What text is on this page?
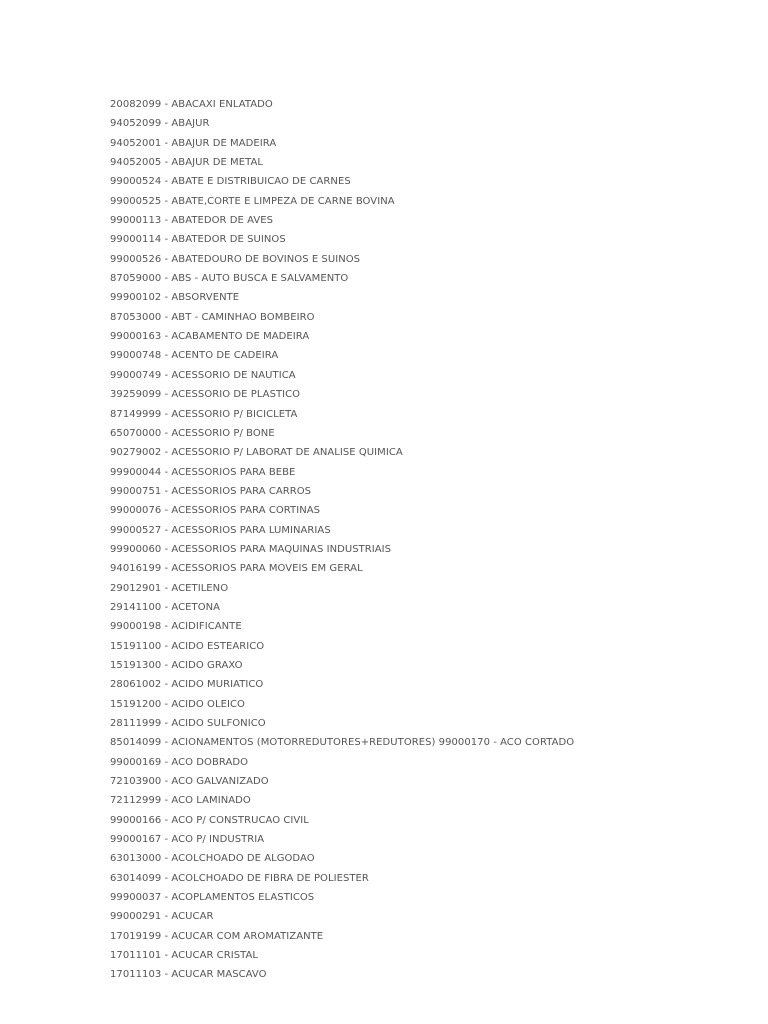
20082099 - ABACAXI ENLATADO
94052099 - ABAJUR
94052001 - ABAJUR DE MADEIRA
94052005 - ABAJUR DE METAL
99000524 - ABATE E DISTRIBUICAO DE CARNES
99000525 - ABATE,CORTE E LIMPEZA DE CARNE BOVINA
99000113 - ABATEDOR DE AVES
99000114 - ABATEDOR DE SUINOS
99000526 - ABATEDOURO DE BOVINOS E SUINOS
87059000 - ABS - AUTO BUSCA E SALVAMENTO
99900102 - ABSORVENTE
87053000 - ABT - CAMINHAO BOMBEIRO
99000163 - ACABAMENTO DE MADEIRA
99000748 - ACENTO DE CADEIRA
99000749 - ACESSORIO DE NAUTICA
39259099 - ACESSORIO DE PLASTICO
87149999 - ACESSORIO P/ BICICLETA
65070000 - ACESSORIO P/ BONE
90279002 - ACESSORIO P/ LABORAT DE ANALISE QUIMICA
99900044 - ACESSORIOS PARA BEBE
99000751 - ACESSORIOS PARA CARROS
99000076 - ACESSORIOS PARA CORTINAS
99000527 - ACESSORIOS PARA LUMINARIAS
99900060 - ACESSORIOS PARA MAQUINAS INDUSTRIAIS
94016199 - ACESSORIOS PARA MOVEIS EM GERAL
29012901 - ACETILENO
29141100 - ACETONA
99000198 - ACIDIFICANTE
15191100 - ACIDO ESTEARICO
15191300 - ACIDO GRAXO
28061002 - ACIDO MURIATICO
15191200 - ACIDO OLEICO
28111999 - ACIDO SULFONICO
85014099 - ACIONAMENTOS (MOTORREDUTORES+REDUTORES) 99000170 - ACO CORTADO
99000169 - ACO DOBRADO
72103900 - ACO GALVANIZADO
72112999 - ACO LAMINADO
99000166 - ACO P/ CONSTRUCAO CIVIL
99000167 - ACO P/ INDUSTRIA
63013000 - ACOLCHOADO DE ALGODAO
63014099 - ACOLCHOADO DE FIBRA DE POLIESTER
99900037 - ACOPLAMENTOS ELASTICOS
99000291 - ACUCAR
17019199 - ACUCAR COM AROMATIZANTE
17011101 - ACUCAR CRISTAL
17011103 - ACUCAR MASCAVO
